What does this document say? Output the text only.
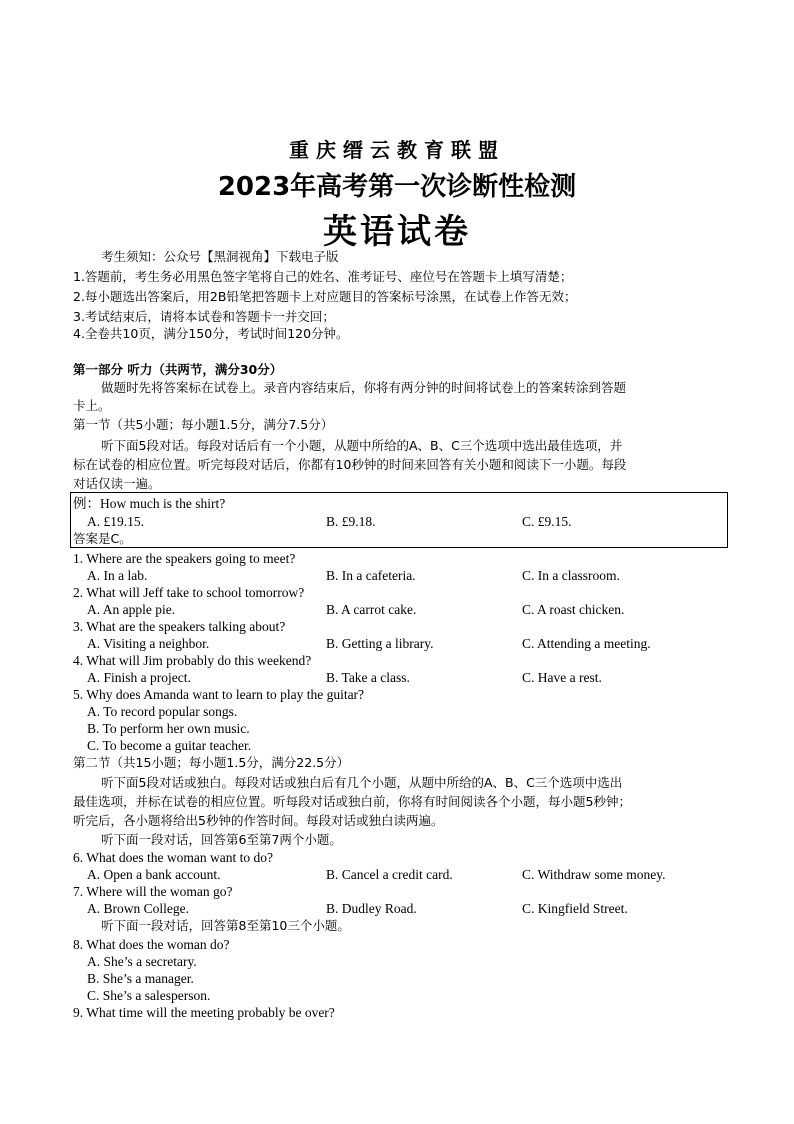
重庆缙云教育联盟
2023年高考第一次诊断性检测
英语试卷
考生须知：公众号【黑洞视角】下载电子版
1.答题前，考生务必用黑色签字笔将自己的姓名、准考证号、座位号在答题卡上填写清楚；
2.每小题选出答案后，用2B铅笔把答题卡上对应题目的答案标号涂黑，在试卷上作答无效；
3.考试结束后，请将本试卷和答题卡一并交回；
4.全卷共10页，满分150分，考试时间120分钟。
第一部分 听力（共两节，满分30分）
做题时先将答案标在试卷上。录音内容结束后，你将有两分钟的时间将试卷上的答案转涂到答题
卡上。
第一节（共5小题；每小题1.5分，满分7.5分）
听下面5段对话。每段对话后有一个小题，从题中所给的A、B、C三个选项中选出最佳选项，并
标在试卷的相应位置。听完每段对话后，你都有10秒钟的时间来回答有关小题和阅读下一小题。每段
对话仅读一遍。
例：How much is the shirt?
A. £19.15.	B. £9.18.	C. £9.15.
答案是C。
1. Where are the speakers going to meet?
A. In a lab.	B. In a cafeteria.	C. In a classroom.
2. What will Jeff take to school tomorrow?
A. An apple pie.	B. A carrot cake.	C. A roast chicken.
3. What are the speakers talking about?
A. Visiting a neighbor.	B. Getting a library.	C. Attending a meeting.
4. What will Jim probably do this weekend?
A. Finish a project.	B. Take a class.	C. Have a rest.
5. Why does Amanda want to learn to play the guitar?
A. To record popular songs.
B. To perform her own music.
C. To become a guitar teacher.
第二节（共15小题；每小题1.5分，满分22.5分）
听下面5段对话或独白。每段对话或独白后有几个小题，从题中所给的A、B、C三个选项中选出
最佳选项，并标在试卷的相应位置。听每段对话或独白前，你将有时间阅读各个小题，每小题5秒钟；
听完后，各小题将给出5秒钟的作答时间。每段对话或独白读两遍。
听下面一段对话，回答第6至第7两个小题。
6. What does the woman want to do?
A. Open a bank account.	B. Cancel a credit card.	C. Withdraw some money.
7. Where will the woman go?
A. Brown College.	B. Dudley Road.	C. Kingfield Street.
听下面一段对话，回答第8至第10三个小题。
8. What does the woman do?
A. She’s a secretary.
B. She’s a manager.
C. She’s a salesperson.
9. What time will the meeting probably be over?
